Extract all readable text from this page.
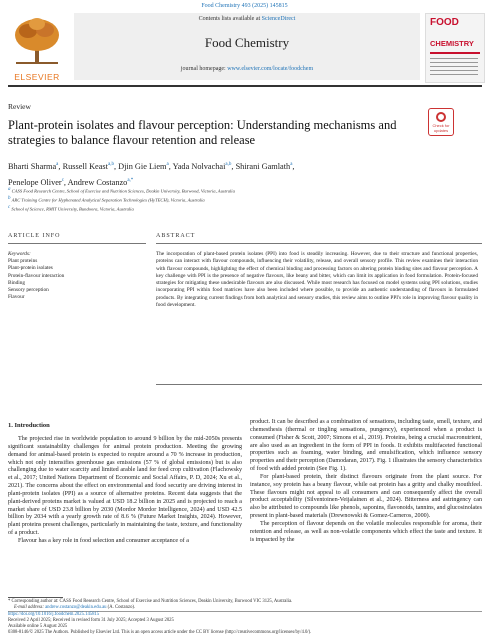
Food Chemistry 493 (2025) 145815
ELSEVIER
Contents lists available at ScienceDirect
Food Chemistry
journal homepage: www.elsevier.com/locate/foodchem
FOOD
CHEMISTRY
Review
Plant-protein isolates and flavour perception: Understanding mechanisms and strategies to balance flavour retention and release
Check for updates
Bharti Sharma$^a$, Russell Keast$^{a,b}$, Djin Gie Liem$^a$, Yada Nolvachai$^{a,b}$, Shirani Gamlath$^a$,
Penelope Oliver$^c$, Andrew Costanzo$^{a,*}$
$^a$ CASS Food Research Centre, School of Exercise and Nutrition Sciences, Deakin University, Burwood, Victoria, Australia
$^b$ ARC Training Centre for Hyphenated Analytical Separation Technologies (HyTECH), Victoria, Australia
$^c$ School of Science, RMIT University, Bundoora, Victoria, Australia
ARTICLE INFO	ABSTRACT
Keywords:
Plant proteins
Plant-protein isolates
Protein-flavour interaction
Binding
Sensory perception
Flavour
The incorporation of plant-based protein isolates (PPI) into food is steadily increasing. However, due to their structure and functional properties, proteins can interact with flavour compounds, influencing their volatility, release, and overall sensory profile. This review examines their interaction with flavour compounds, highlighting the effect of chemical binding and processing factors on altering protein binding sites and flavour perception. A key challenge with PPI is the presence of negative flavours, like beany and bitter, which can limit its application in food formulation. Protein-focused strategies for mitigating these undesirable flavours are also discussed. While most research has focused on model systems using PPI solutions, studies incorporating PPI within food matrices have also been included where possible, to provide an authentic understanding of flavours in formulated products. By integrating current findings from both analytical and sensory studies, this review aims to outline PPI's role in improving flavour quality in food development.
1. Introduction

The projected rise in worldwide population to around 9 billion by the mid-2050s presents significant sustainability challenges for animal protein production. Meeting the growing demand for animal-based protein is expected to require around a 70 % increase in production, which not only intensifies greenhouse gas emissions (57 % of global emissions) but is also challenging due to water scarcity and limited arable land for feed crop cultivation (Flachowsky et al., 2017; United Nations Department of Economic and Social Affairs, P. D, 2024; Xu et al., 2021). The concerns about the effect on environmental and food security are driving interest in plant-protein isolates (PPI) as a source of alternative proteins. Recent data suggests that the plant-derived proteins market is valued at USD 18.2 billion in 2025 and is projected to reach a market share of USD 23.8 billion by 2030 (Mordor Mordor Intelligence, 2024) and USD 42.5 billion by 2034 with a yearly growth rate of 8.6 % (Future Market Insights, 2024). However, plant proteins present challenges, particularly in maintaining the taste, texture, and functionality of a product.

Flavour has a key role in food selection and consumer acceptance of a

product. It can be described as a combination of sensations, including taste, smell, texture, and chemesthesis (thermal or tingling sensations, pungency), experienced when a product is consumed (Fisher & Scott, 2007; Simons et al., 2019). Proteins, being a crucial macronutrient, are also used as an ingredient in the form of PPI in foods. It exhibits multifaceted functional properties such as foaming, water binding, and emulsification, which influence sensory properties and their perception (Damodaran, 2017). Fig. 1 illustrates the sensory characteristics of food with added protein (See Fig. 1).

For plant-based protein, their distinct flavours originate from the plant source. For instance, soy protein has a beany flavour, while oat protein has a gritty and chalky mouthfeel. These flavours might not appeal to all consumers and can consequently affect the overall product acceptability (Silventoinen-Veijalainen et al., 2024). Bitterness and astringency can also be attributed to compounds like phenols, saponins, flavonoids, tannins, and glucosinolates present in plant-based materials (Drewnowski & Gomez-Carneros, 2000).

The perception of flavour depends on the volatile molecules responsible for aroma, their retention and release, as well as non-volatile components which effect the taste and texture. It is impacted by the

* Corresponding author at: CASS Food Research Centre, School of Exercise and Nutrition Sciences, Deakin University, Burwood VIC 3125, Australia.
E-mail address: andrew.costanzo@deakin.edu.au (A. Costanzo).
https://doi.org/10.1016/j.foodchem.2025.145815
Received 2 April 2025; Received in revised form 31 July 2025; Accepted 3 August 2025
Available online 5 August 2025
0308-8146/© 2025 The Authors. Published by Elsevier Ltd. This is an open access article under the CC BY license (http://creativecommons.org/licenses/by/4.0/).
